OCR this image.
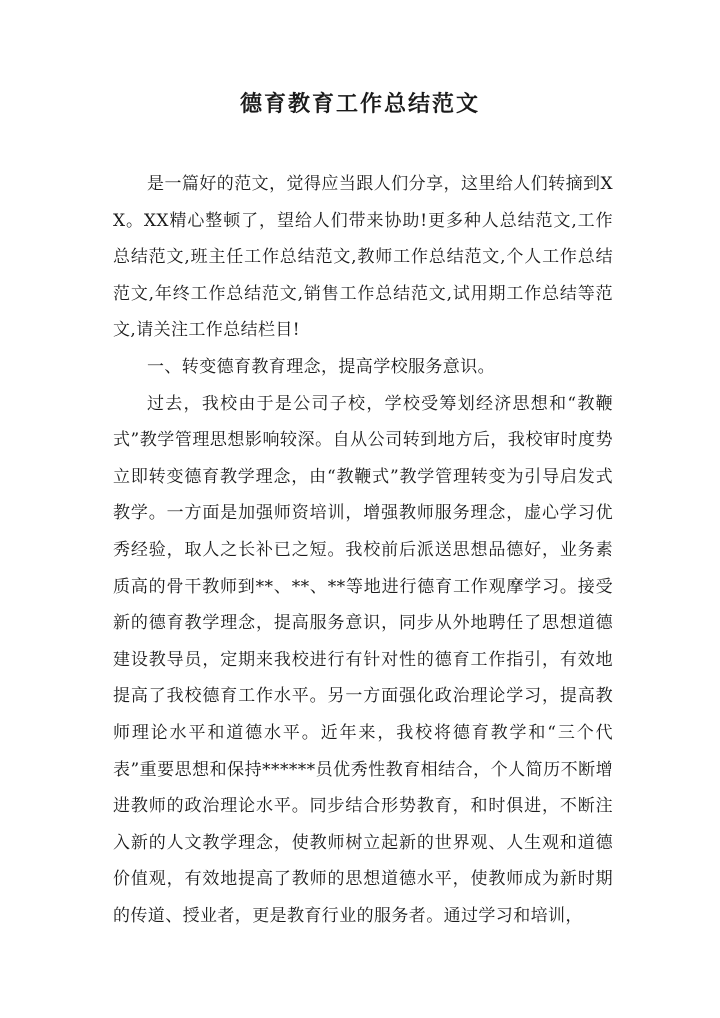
德育教育工作总结范文

是一篇好的范文，觉得应当跟人们分享，这里给人们转摘到XX。XX精心整顿了，望给人们带来协助!更多种人总结范文,工作总结范文,班主任工作总结范文,教师工作总结范文,个人工作总结范文,年终工作总结范文,销售工作总结范文,试用期工作总结等范文,请关注工作总结栏目!

一、转变德育教育理念，提高学校服务意识。

过去，我校由于是公司子校，学校受筹划经济思想和“教鞭式”教学管理思想影响较深。自从公司转到地方后，我校审时度势立即转变德育教学理念，由“教鞭式”教学管理转变为引导启发式教学。一方面是加强师资培训，增强教师服务理念，虚心学习优秀经验，取人之长补已之短。我校前后派送思想品德好，业务素质高的骨干教师到**、**、**等地进行德育工作观摩学习。接受新的德育教学理念，提高服务意识，同步从外地聘任了思想道德建设教导员，定期来我校进行有针对性的德育工作指引，有效地提高了我校德育工作水平。另一方面强化政治理论学习，提高教师理论水平和道德水平。近年来，我校将德育教学和“三个代表”重要思想和保持******员优秀性教育相结合，个人简历不断增进教师的政治理论水平。同步结合形势教育，和时俱进，不断注入新的人文教学理念，使教师树立起新的世界观、人生观和道德价值观，有效地提高了教师的思想道德水平，使教师成为新时期的传道、授业者，更是教育行业的服务者。通过学习和培训，
